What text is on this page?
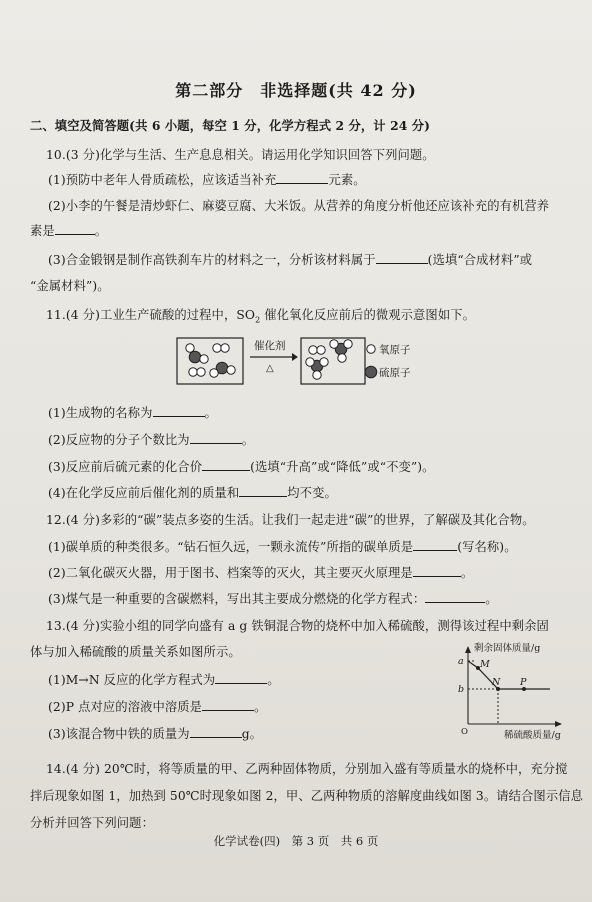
第二部分　非选择题(共 42 分)
二、填空及简答题(共 6 小题，每空 1 分，化学方程式 2 分，计 24 分)
10.(3 分)化学与生活、生产息息相关。请运用化学知识回答下列问题。
(1)预防中老年人骨质疏松，应该适当补充	元素。
(2)小李的午餐是清炒虾仁、麻婆豆腐、大米饭。从营养的角度分析他还应该补充的有机营养
素是	。
(3)合金锻钢是制作高铁刹车片的材料之一，分析该材料属于	(选填“合成材料”或
“金属材料”)。
11.(4 分)工业生产硫酸的过程中，$SO_2$ 催化氧化反应前后的微观示意图如下。
催化剂
△
氧原子
硫原子
(1)生成物的名称为	。
(2)反应物的分子个数比为	。
(3)反应前后硫元素的化合价	(选填“升高”或“降低”或“不变”)。
(4)在化学反应前后催化剂的质量和	均不变。
12.(4 分)多彩的“碳”装点多姿的生活。让我们一起走进“碳”的世界，了解碳及其化合物。
(1)碳单质的种类很多。“钻石恒久远，一颗永流传”所指的碳单质是	(写名称)。
(2)二氧化碳灭火器，用于图书、档案等的灭火，其主要灭火原理是	。
(3)煤气是一种重要的含碳燃料，写出其主要成分燃烧的化学方程式：	。
13.(4 分)实验小组的同学向盛有 a g 铁铜混合物的烧杯中加入稀硫酸，测得该过程中剩余固
体与加入稀硫酸的质量关系如图所示。
(1)M→N 反应的化学方程式为	。
(2)P 点对应的溶液中溶质是	。
(3)该混合物中铁的质量为	g。
剩余固体质量/g
稀硫酸质量/g
a
b
O
M
N P
14.(4 分) 20℃时，将等质量的甲、乙两种固体物质，分别加入盛有等质量水的烧杯中，充分搅
拌后现象如图 1，加热到 50℃时现象如图 2，甲、乙两种物质的溶解度曲线如图 3。请结合图示信息
分析并回答下列问题：
化学试卷(四)　第 3 页　共 6 页
